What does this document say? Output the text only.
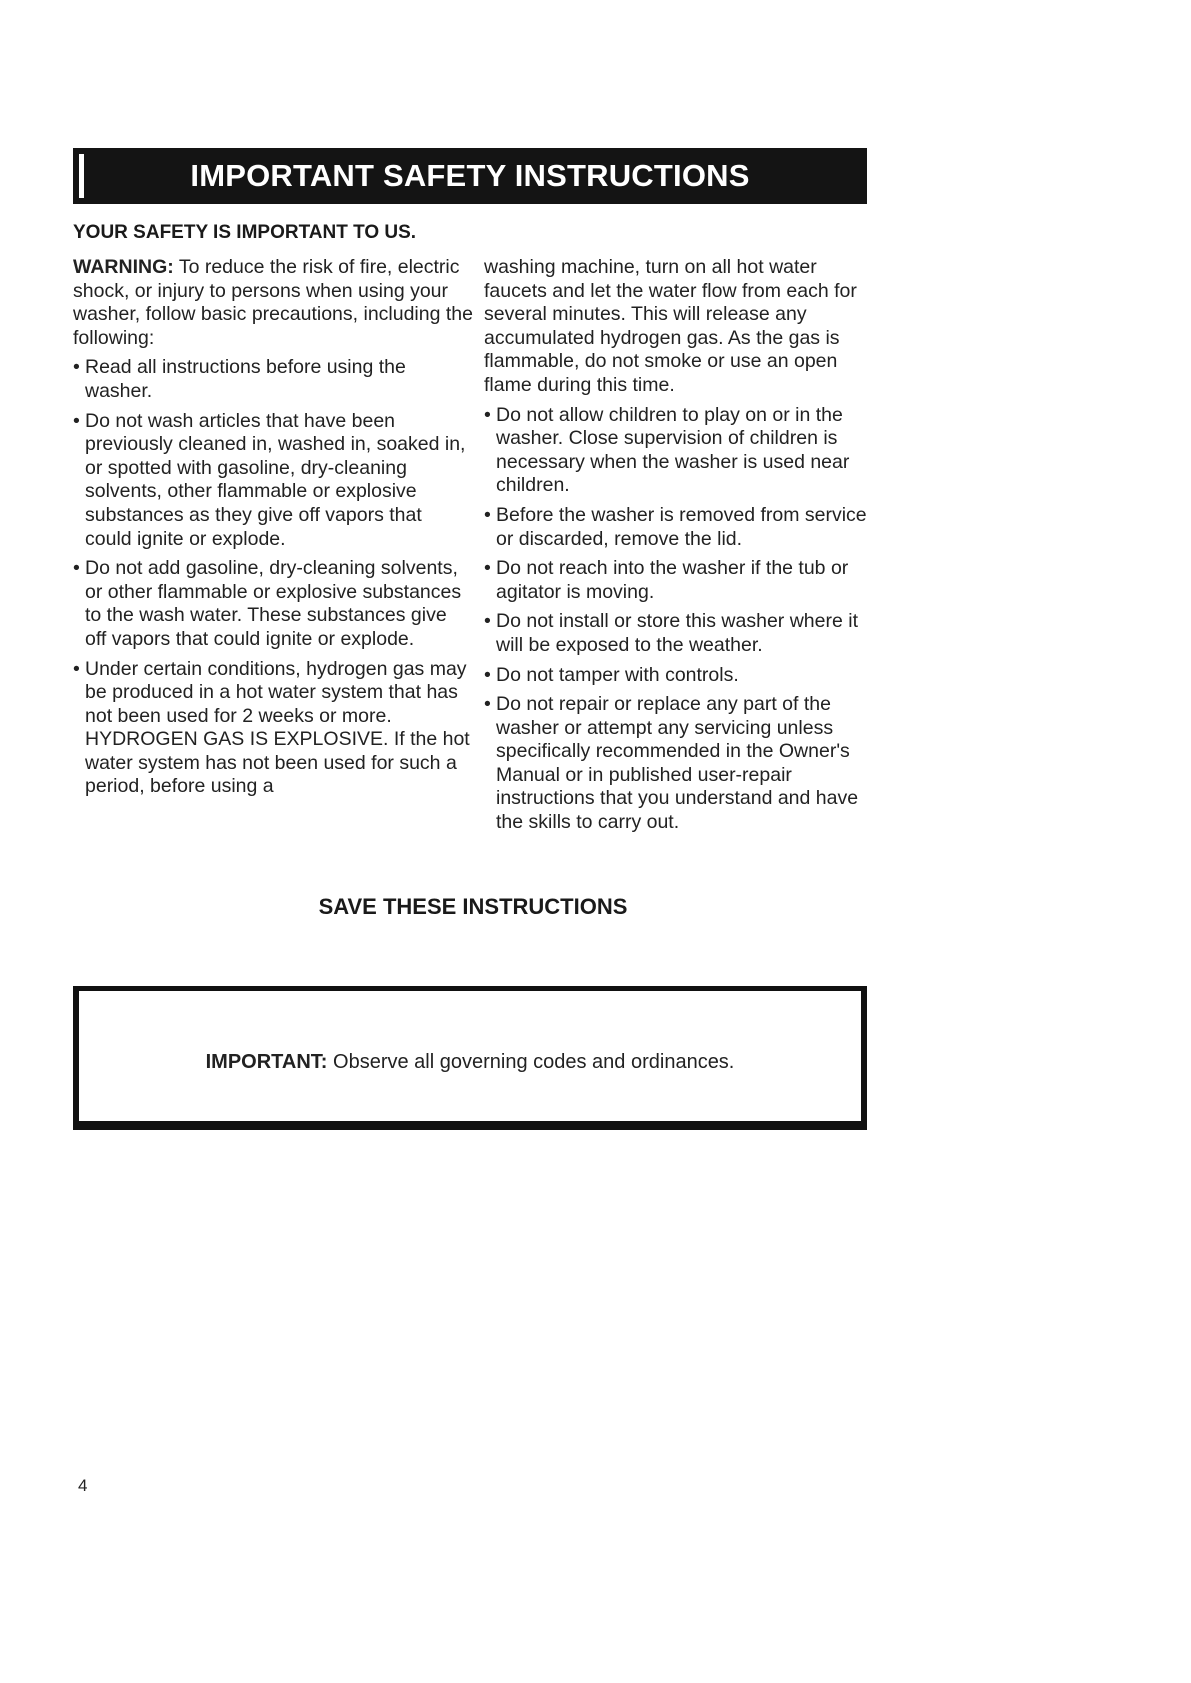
IMPORTANT SAFETY INSTRUCTIONS
YOUR SAFETY IS IMPORTANT TO US.

WARNING: To reduce the risk of fire, electric shock, or injury to persons when using your washer, follow basic precautions, including the following:

• Read all instructions before using the washer.
• Do not wash articles that have been previously cleaned in, washed in, soaked in, or spotted with gasoline, dry-cleaning solvents, other flammable or explosive substances as they give off vapors that could ignite or explode.
• Do not add gasoline, dry-cleaning solvents, or other flammable or explosive substances to the wash water. These substances give off vapors that could ignite or explode.
• Under certain conditions, hydrogen gas may be produced in a hot water system that has not been used for 2 weeks or more. HYDROGEN GAS IS EXPLOSIVE. If the hot water system has not been used for such a period, before using a

washing machine, turn on all hot water faucets and let the water flow from each for several minutes. This will release any accumulated hydrogen gas. As the gas is flammable, do not smoke or use an open flame during this time.

• Do not allow children to play on or in the washer. Close supervision of children is necessary when the washer is used near children.
• Before the washer is removed from service or discarded, remove the lid.
• Do not reach into the washer if the tub or agitator is moving.
• Do not install or store this washer where it will be exposed to the weather.
• Do not tamper with controls.
• Do not repair or replace any part of the washer or attempt any servicing unless specifically recommended in the Owner's Manual or in published user-repair instructions that you understand and have the skills to carry out.
SAVE THESE INSTRUCTIONS
IMPORTANT: Observe all governing codes and ordinances.
4
